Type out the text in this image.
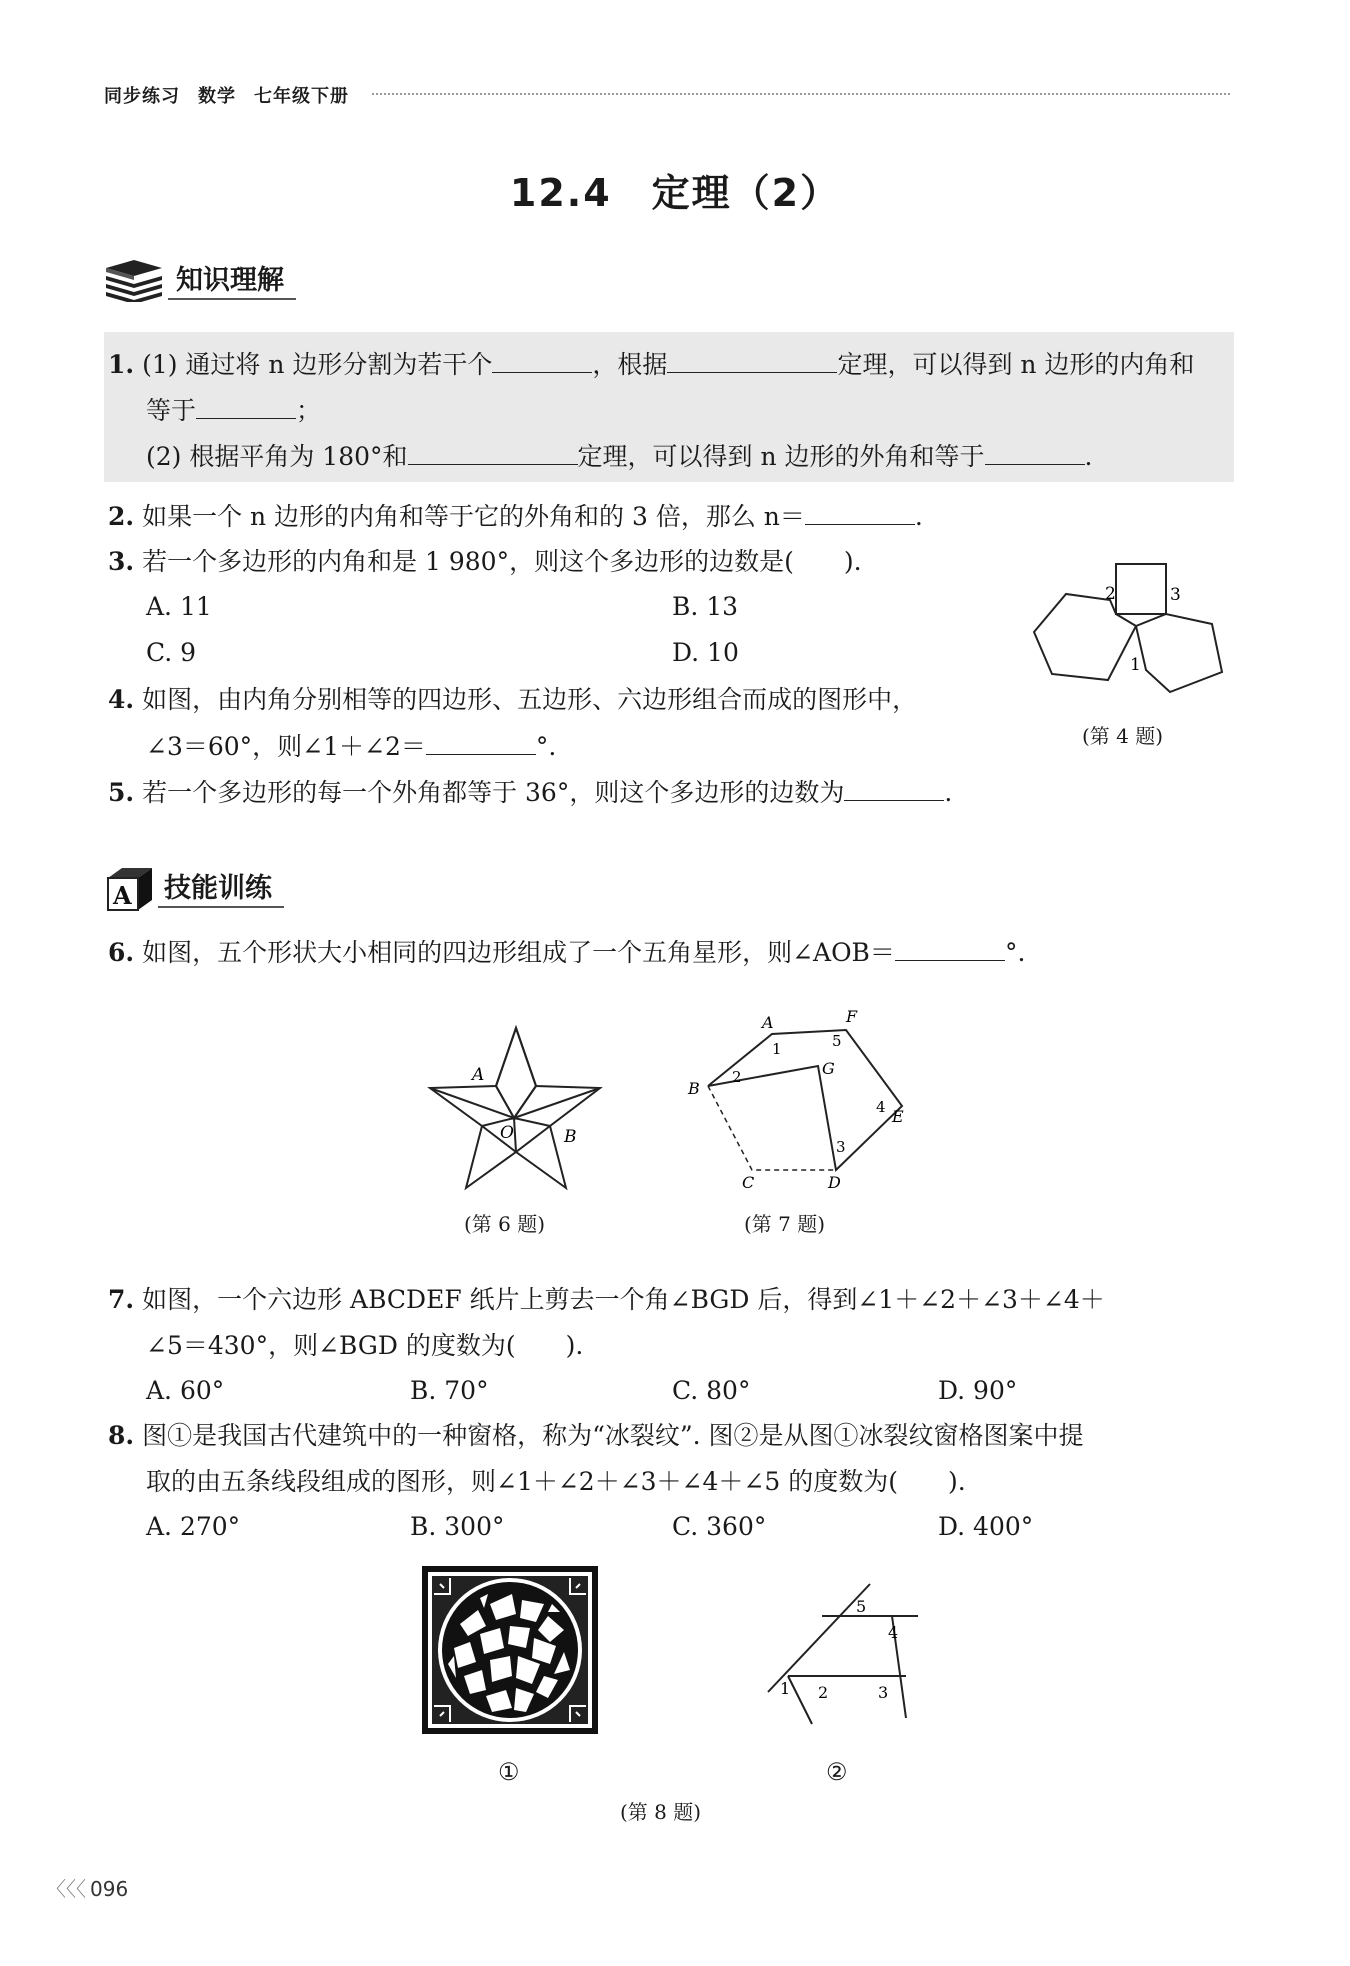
同步练习 数学 七年级下册
12.4　定理（2）
知识理解
1. (1) 通过将 n 边形分割为若干个	，根据	定理，可以得到 n 边形的内角和
等于	；
(2) 根据平角为 180°和	定理，可以得到 n 边形的外角和等于	.
2. 如果一个 n 边形的内角和等于它的外角和的 3 倍，那么 n＝	.
3. 若一个多边形的内角和是 1 980°，则这个多边形的边数是(　　).
A. 11	B. 13
C. 9	D. 10
4. 如图，由内角分别相等的四边形、五边形、六边形组合而成的图形中，
∠3＝60°，则∠1＋∠2＝	°.
2	3
1
(第 4 题)
5. 若一个多边形的每一个外角都等于 36°，则这个多边形的边数为	.
A 技能训练
6. 如图，五个形状大小相同的四边形组成了一个五角星形，则∠AOB＝	°.
A
O	B
(第 6 题)
A	F
B
G
E
C	D
1
2
3
4
5
(第 7 题)
7. 如图，一个六边形 ABCDEF 纸片上剪去一个角∠BGD 后，得到∠1＋∠2＋∠3＋∠4＋
∠5＝430°，则∠BGD 的度数为(　　).
A. 60°	B. 70°	C. 80°	D. 90°
8. 图①是我国古代建筑中的一种窗格，称为“冰裂纹”. 图②是从图①冰裂纹窗格图案中提
取的由五条线段组成的图形，则∠1＋∠2＋∠3＋∠4＋∠5 的度数为(　　).
A. 270°	B. 300°	C. 360°	D. 400°
①
1 2	3
4
5
②
(第 8 题)
〈〈〈 096
